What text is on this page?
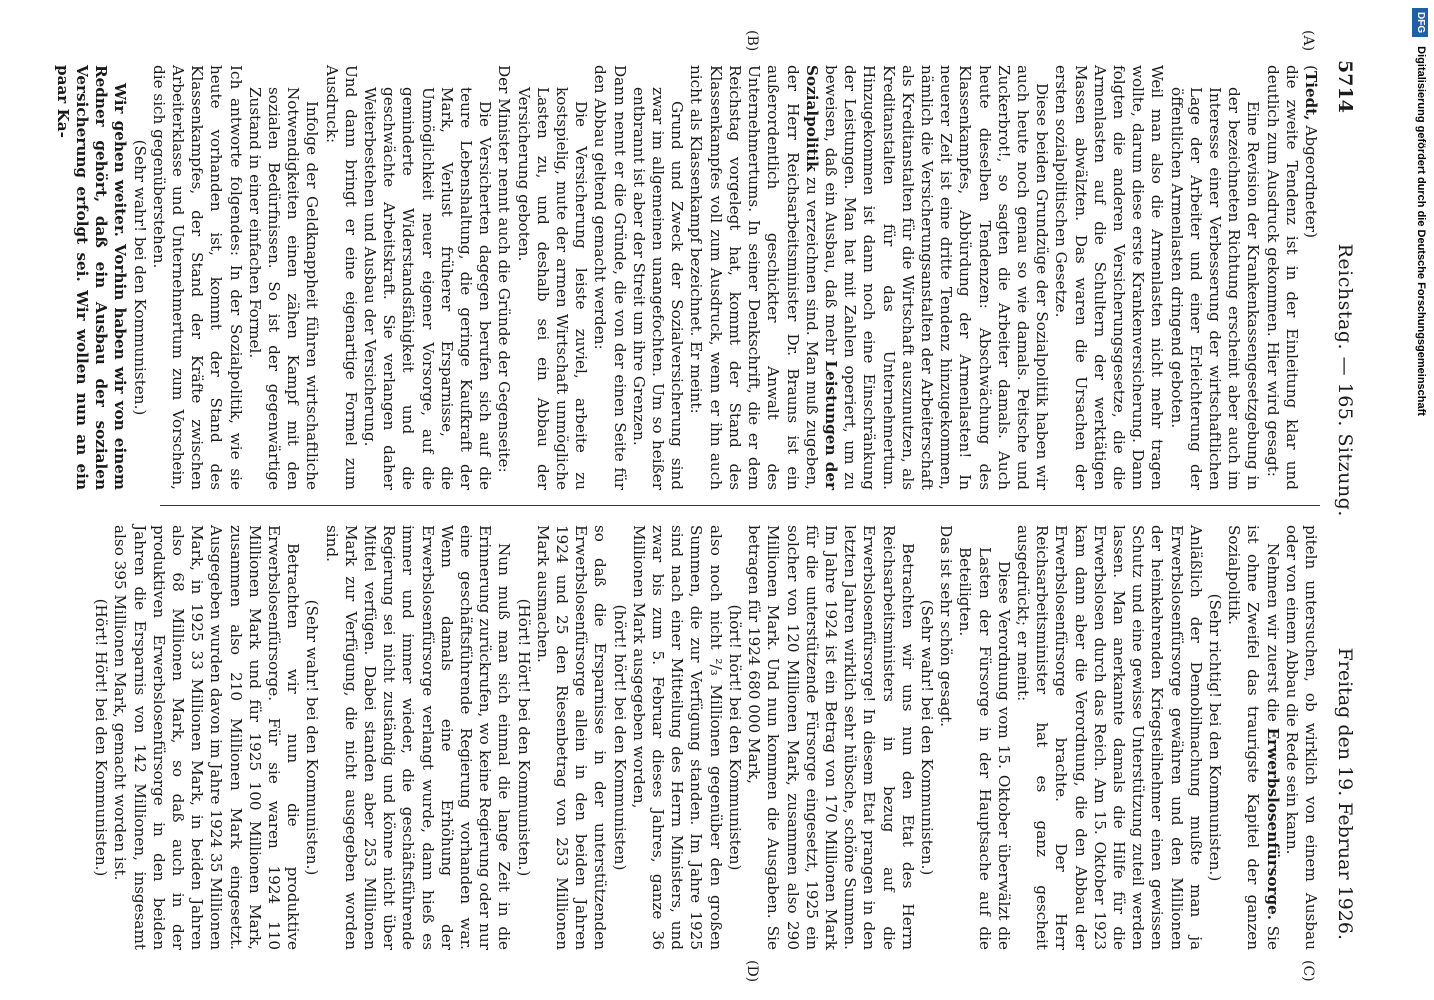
5714
Reichstag. — 165. Sitzung.
Freitag den 19. Februar 1926.
(A)
(B)
(C)
(D)

(Tiedt, Abgeordneter)

die zweite Tendenz ist in der Einleitung klar und deutlich zum Ausdruck gekommen. Hier wird gesagt:

Eine Revision der Krankenkassengesetzgebung in der bezeichneten Richtung erscheint aber auch im Interesse einer Verbesserung der wirtschaftlichen Lage der Arbeiter und einer Erleichterung der öffentlichen Armenlasten dringend geboten.

Weil man also die Armenlasten nicht mehr tragen wollte, darum diese erste Krankenversicherung. Dann folgten die anderen Versicherungsgesetze, die die Armenlasten auf die Schultern der werktätigen Massen abwälzten. Das waren die Ursachen der ersten sozialpolitischen Gesetze.

Diese beiden Grundzüge der Sozialpolitik haben wir auch heute noch genau so wie damals. Peitsche und Zuckerbrot!, so sagten die Arbeiter damals. Auch heute dieselben Tendenzen: Abschwächung des Klassenkampfes, Abbürdung der Armenlasten! In neuerer Zeit ist eine dritte Tendenz hinzugekommen, nämlich die Versicherungsanstalten der Arbeiterschaft als Kreditanstalten für die Wirtschaft auszunutzen, als Kreditanstalten für das Unternehmertum. Hinzugekommen ist dann noch eine Einschränkung der Leistungen. Man hat mit Zahlen operiert, um zu beweisen, daß ein Ausbau, daß mehr Leistungen der Sozialpolitik zu verzeichnen sind. Man muß zugeben, der Herr Reichsarbeitsminister Dr. Brauns ist ein außerordentlich geschickter Anwalt des Unternehmertums. In seiner Denkschrift, die er dem Reichstag vorgelegt hat, kommt der Stand des Klassenkampfes voll zum Ausdruck, wenn er ihn auch nicht als Klassenkampf bezeichnet. Er meint:

Grund und Zweck der Sozialversicherung sind zwar im allgemeinen unangefochten. Um so heißer entbrannt ist aber der Streit um ihre Grenzen.

Dann nennt er die Gründe, die von der einen Seite für den Abbau geltend gemacht werden:

Die Versicherung leiste zuviel, arbeite zu kostspielig, mute der armen Wirtschaft unmögliche Lasten zu, und deshalb sei ein Abbau der Versicherung geboten.

Der Minister nennt auch die Gründe der Gegenseite:

Die Versicherten dagegen berufen sich auf die teure Lebenshaltung, die geringe Kaufkraft der Mark, Verlust früherer Ersparnisse, die Unmöglichkeit neuer eigener Vorsorge, auf die geminderte Widerstandsfähigkeit und die geschwächte Arbeitskraft. Sie verlangen daher Weiterbestehen und Ausbau der Versicherung.

Und dann bringt er eine eigenartige Formel zum Ausdruck:

Infolge der Geldknappheit führen wirtschaftliche Notwendigkeiten einen zähen Kampf mit den sozialen Bedürfnissen. So ist der gegenwärtige Zustand in einer einfachen Formel.

Ich antworte folgendes: In der Sozialpolitik, wie sie heute vorhanden ist, kommt der Stand des Klassenkampfes, der Stand der Kräfte zwischen Arbeiterklasse und Unternehmertum zum Vorschein, die sich gegenüberstehen.

(Sehr wahr! bei den Kommunisten.)

Wir gehen weiter. Vorhin haben wir von einem Redner gehört, daß ein Ausbau der sozialen Versicherung erfolgt sei. Wir wollen nun an ein paar Ka-

piteln untersuchen, ob wirklich von einem Ausbau oder von einem Abbau die Rede sein kann.

Nehmen wir zuerst die Erwerbslosenfürsorge. Sie ist ohne Zweifel das traurigste Kapitel der ganzen Sozialpolitik.

(Sehr richtig! bei den Kommunisten.)

Anläßlich der Demobilmachung mußte man ja Erwerbslosenfürsorge gewähren und den Millionen der heimkehrenden Kriegsteilnehmer einen gewissen Schutz und eine gewisse Unterstützung zuteil werden lassen. Man anerkannte damals die Hilfe für die Erwerbslosen durch das Reich. Am 15. Oktober 1923 kam dann aber die Verordnung, die den Abbau der Erwerbslosenfürsorge brachte. Der Herr Reichsarbeitsminister hat es ganz gescheit ausgedrückt; er meint:

Diese Verordnung vom 15. Oktober überwälzt die Lasten der Fürsorge in der Hauptsache auf die Beteiligten.

Das ist sehr schön gesagt.

(Sehr wahr! bei den Kommunisten.)

Betrachten wir uns nun den Etat des Herrn Reichsarbeitsministers in bezug auf die Erwerbslosenfürsorge! In diesem Etat prangen in den letzten Jahren wirklich sehr hübsche, schöne Summen. Im Jahre 1924 ist ein Betrag von 170 Millionen Mark für die unterstützende Fürsorge eingesetzt, 1925 ein solcher von 120 Millionen Mark, zusammen also 290 Millionen Mark. Und nun kommen die Ausgaben. Sie betragen für 1924 680 000 Mark,

(hört! hört! bei den Kommunisten)

also noch nicht ²/₃ Millionen gegenüber den großen Summen, die zur Verfügung standen. Im Jahre 1925 sind nach einer Mitteilung des Herrn Ministers, und zwar bis zum 5. Februar dieses Jahres, ganze 36 Millionen Mark ausgegeben worden,

(hört! hört! bei den Kommunisten)

so daß die Ersparnisse in der unterstützenden Erwerbslosenfürsorge allein in den beiden Jahren 1924 und 25 den Riesenbetrag von 253 Millionen Mark ausmachen.

(Hört! Hört! bei den Kommunisten.)

Nun muß man sich einmal die lange Zeit in die Erinnerung zurückrufen, wo keine Regierung oder nur eine geschäftsführende Regierung vorhanden war. Wenn damals eine Erhöhung der Erwerbslosenfürsorge verlangt wurde, dann hieß es immer und immer wieder, die geschäftsführende Regierung sei nicht zuständig und könne nicht über Mittel verfügen. Dabei standen aber 253 Millionen Mark zur Verfügung, die nicht ausgegeben worden sind.

(Sehr wahr! bei den Kommunisten.)

Betrachten wir nun die produktive Erwerbslosenfürsorge. Für sie waren 1924 110 Millionen Mark und für 1925 100 Millionen Mark, zusammen also 210 Millionen Mark eingesetzt. Ausgegeben wurden davon im Jahre 1924 35 Millionen Mark, in 1925 33 Millionen Mark, in beiden Jahren also 68 Millionen Mark, so daß auch in der produktiven Erwerbslosenfürsorge in den beiden Jahren die Ersparnis von 142 Millionen, insgesamt also 395 Millionen Mark, gemacht worden ist.

(Hört! Hört! bei den Kommunisten.)

DFG Digitalisierung gefördert durch die Deutsche Forschungsgemeinschaft
